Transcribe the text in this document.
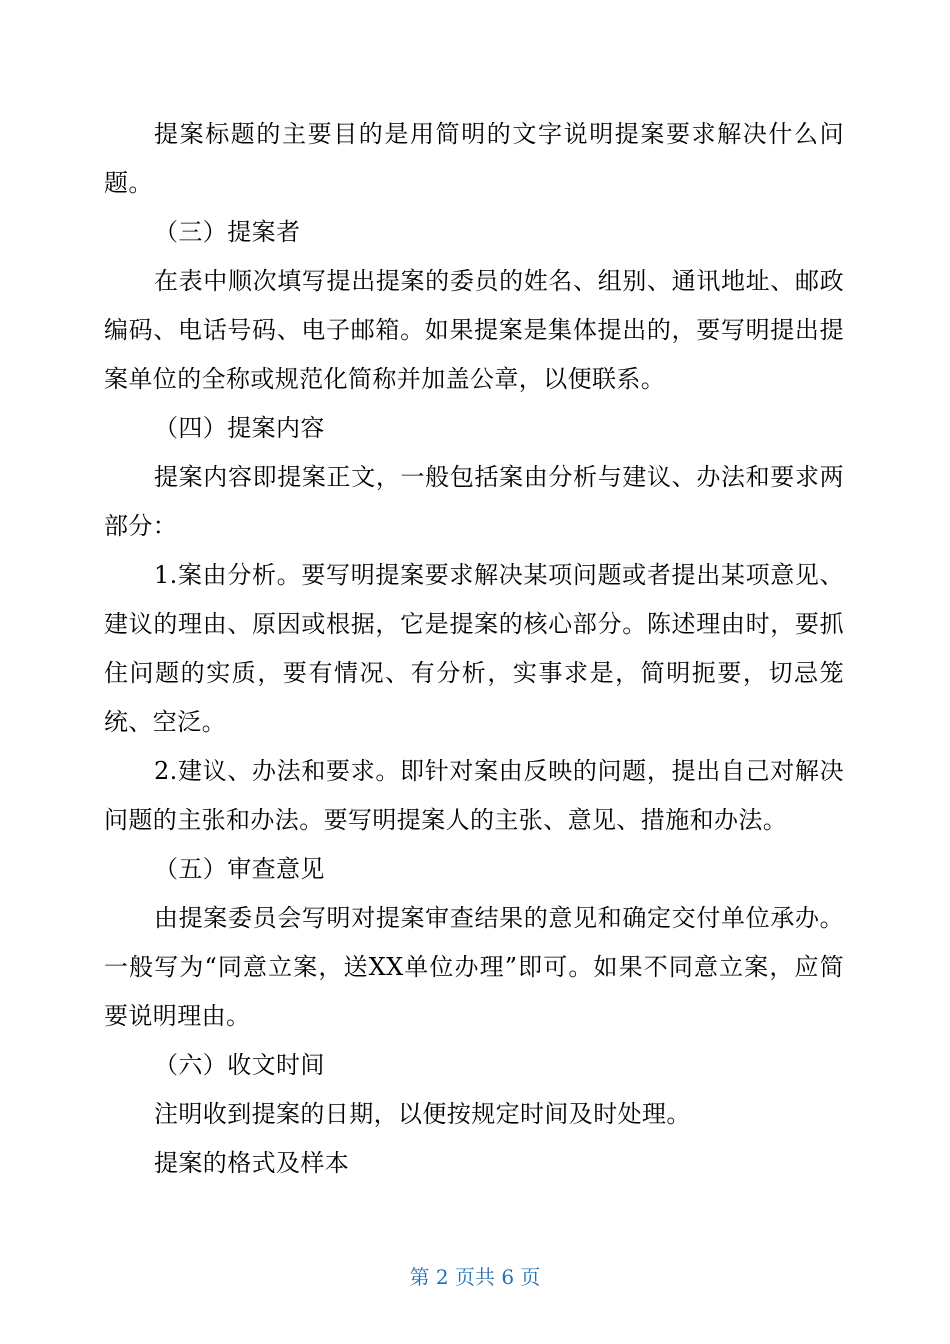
提案标题的主要目的是用简明的文字说明提案要求解决什么问题。

（三）提案者

在表中顺次填写提出提案的委员的姓名、组别、通讯地址、邮政编码、电话号码、电子邮箱。如果提案是集体提出的，要写明提出提案单位的全称或规范化简称并加盖公章，以便联系。

（四）提案内容

提案内容即提案正文，一般包括案由分析与建议、办法和要求两部分：

1.案由分析。要写明提案要求解决某项问题或者提出某项意见、建议的理由、原因或根据，它是提案的核心部分。陈述理由时，要抓住问题的实质，要有情况、有分析，实事求是，简明扼要，切忌笼统、空泛。

2.建议、办法和要求。即针对案由反映的问题，提出自己对解决问题的主张和办法。要写明提案人的主张、意见、措施和办法。

（五）审查意见

由提案委员会写明对提案审查结果的意见和确定交付单位承办。一般写为“同意立案，送XX单位办理”即可。如果不同意立案，应简要说明理由。

（六）收文时间

注明收到提案的日期，以便按规定时间及时处理。

提案的格式及样本

第 2 页共 6 页
